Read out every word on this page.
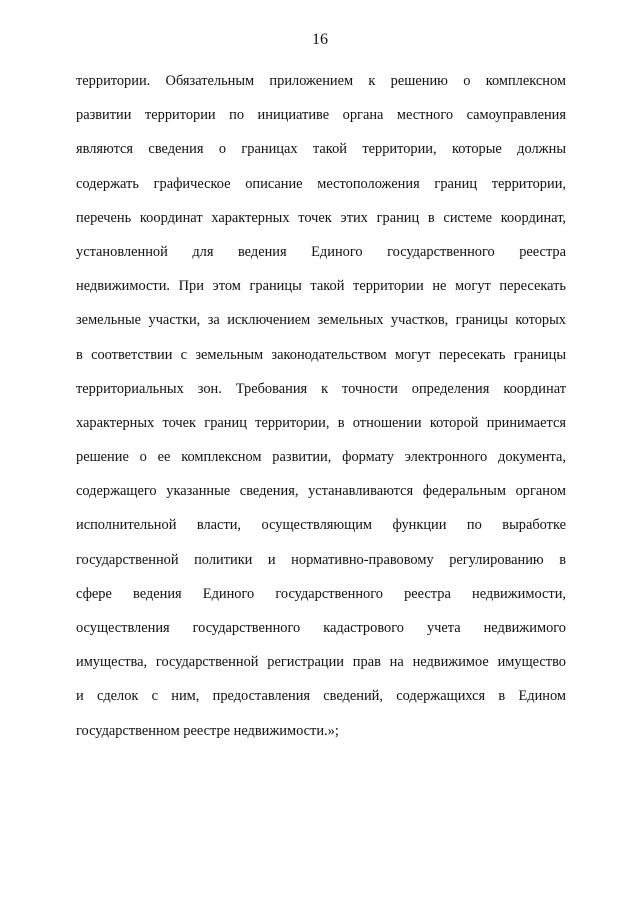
16
территории. Обязательным приложением к решению о комплексном
развитии территории по инициативе органа местного самоуправления
являются сведения о границах такой территории, которые должны
содержать графическое описание местоположения границ территории,
перечень координат характерных точек этих границ в системе координат,
установленной для ведения Единого государственного реестра
недвижимости. При этом границы такой территории не могут пересекать
земельные участки, за исключением земельных участков, границы которых
в соответствии с земельным законодательством могут пересекать границы
территориальных зон. Требования к точности определения координат
характерных точек границ территории, в отношении которой принимается
решение о ее комплексном развитии, формату электронного документа,
содержащего указанные сведения, устанавливаются федеральным органом
исполнительной власти, осуществляющим функции по выработке
государственной политики и нормативно-правовому регулированию в
сфере ведения Единого государственного реестра недвижимости,
осуществления государственного кадастрового учета недвижимого
имущества, государственной регистрации прав на недвижимое имущество
и сделок с ним, предоставления сведений, содержащихся в Едином
государственном реестре недвижимости.»;
